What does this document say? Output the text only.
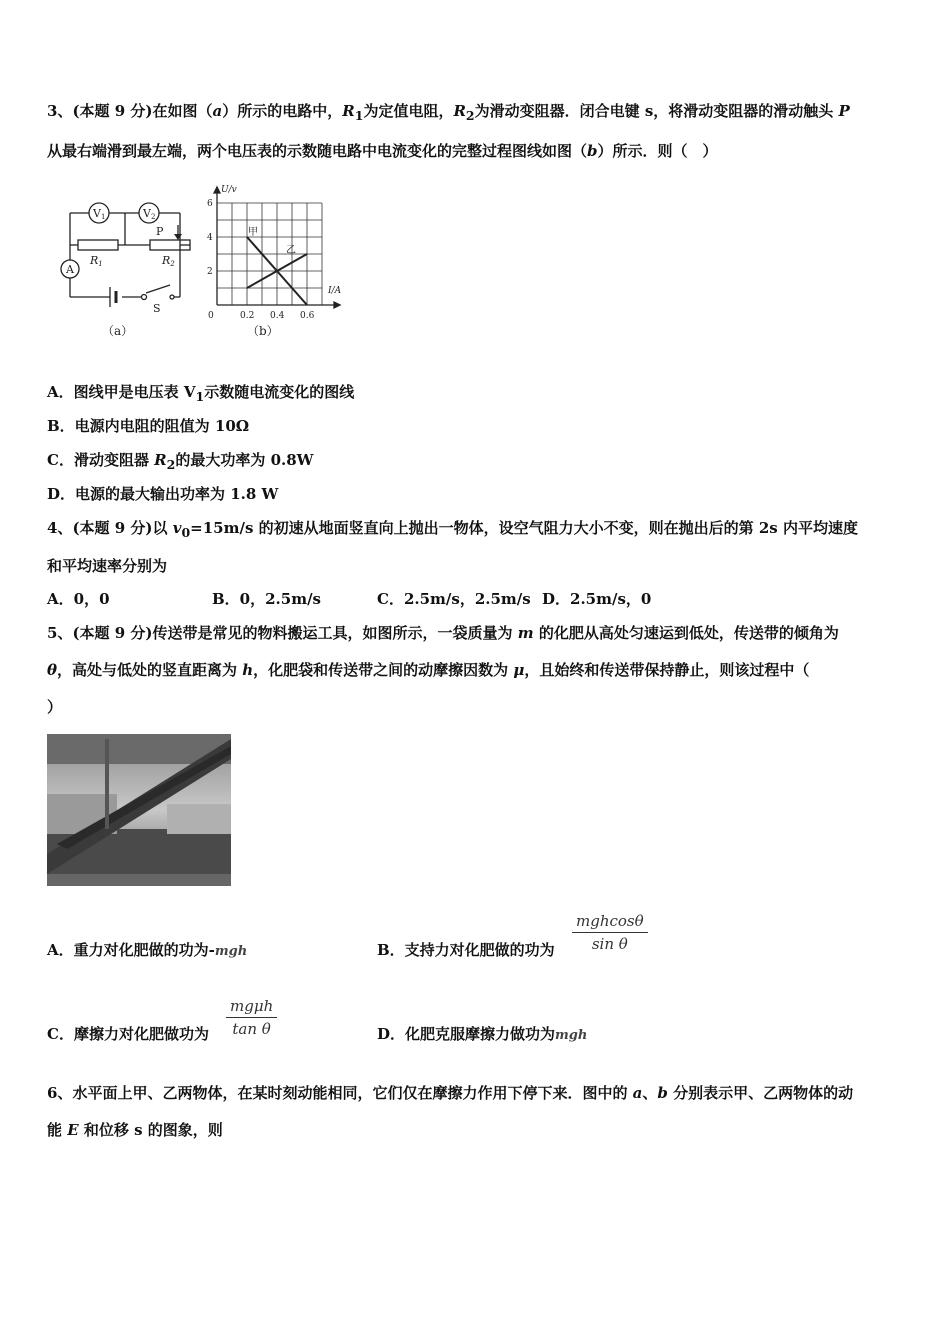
3、(本题 9 分)在如图（a）所示的电路中，$R_1$为定值电阻，$R_2$为滑动变阻器．闭合电键 s，将滑动变阻器的滑动触头 P
从最右端滑到最左端，两个电压表的示数随电路中电流变化的完整过程图线如图（b）所示．则（　）
V1	V2
P
R1	R2
A
S
（a）
甲
乙
0.2 0.4 0.6
2
4
6
0
I/A
U/v
（b）
A．图线甲是电压表 $V_1$示数随电流变化的图线
B．电源内电阻的阻值为 10Ω
C．滑动变阻器 $R_2$的最大功率为 0.8W
D．电源的最大输出功率为 1.8 W
4、(本题 9 分)以 $v_0=15m/s$ 的初速从地面竖直向上抛出一物体，设空气阻力大小不变，则在抛出后的第 2s 内平均速度
和平均速率分别为
A．0，0	B．0，2.5m/s	C．2.5m/s，2.5m/s D．2.5m/s，0
5、(本题 9 分)传送带是常见的物料搬运工具，如图所示，一袋质量为 m 的化肥从高处匀速运到低处，传送带的倾角为
θ，高处与低处的竖直距离为 h，化肥袋和传送带之间的动摩擦因数为 μ，且始终和传送带保持静止，则该过程中（
）
A．重力对化肥做的功为-mgh	B．支持力对化肥做的功为
mghcosθ
sin θ
C．摩擦力对化肥做功为
mgμh
tan θ	D．化肥克服摩擦力做功为mgh
6、水平面上甲、乙两物体，在某时刻动能相同，它们仅在摩擦力作用下停下来．图中的 a、b 分别表示甲、乙两物体的动
能 E 和位移 s 的图象，则
